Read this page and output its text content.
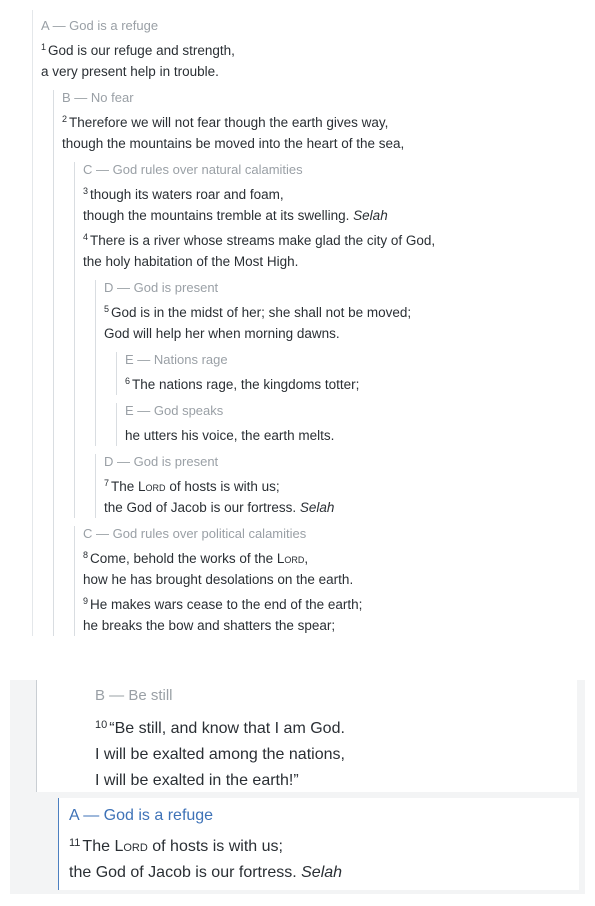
A — God is a refuge
$^1$ God is our refuge and strength,
a very present help in trouble.
B — No fear
$^2$ Therefore we will not fear though the earth gives way,
though the mountains be moved into the heart of the sea,
C — God rules over natural calamities
$^3$ though its waters roar and foam,
though the mountains tremble at its swelling. Selah
$^4$ There is a river whose streams make glad the city of God,
the holy habitation of the Most High.
D — God is present
$^5$ God is in the midst of her; she shall not be moved;
God will help her when morning dawns.
E — Nations rage
$^6$ The nations rage, the kingdoms totter;
E — God speaks
he utters his voice, the earth melts.
D — God is present
$^7$ The Lord of hosts is with us;
the God of Jacob is our fortress. Selah
C — God rules over political calamities
$^8$ Come, behold the works of the Lord,
how he has brought desolations on the earth.
$^9$ He makes wars cease to the end of the earth;
he breaks the bow and shatters the spear;
B — Be still
$^{10}$ “Be still, and know that I am God.
I will be exalted among the nations,
I will be exalted in the earth!”
A — God is a refuge
$^{11}$ The Lord of hosts is with us;
the God of Jacob is our fortress. Selah
